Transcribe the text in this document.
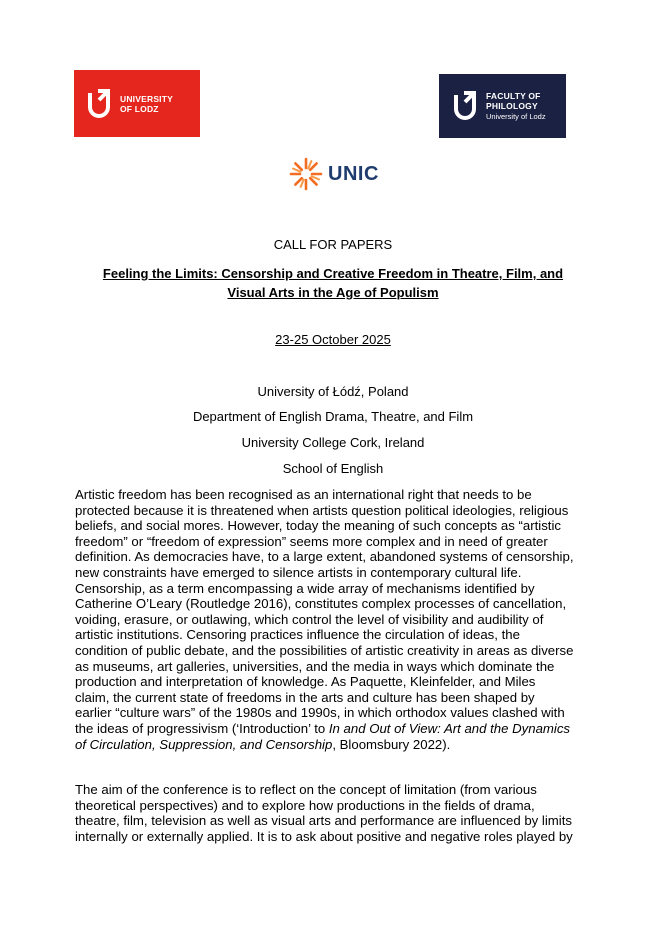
UNIVERSITY
OF LODZ
FACULTY OF
PHILOLOGY
University of Lodz
UNIC
CALL FOR PAPERS
Feeling the Limits: Censorship and Creative Freedom in Theatre, Film, and
Visual Arts in the Age of Populism
23-25 October 2025
University of Łódź, Poland
Department of English Drama, Theatre, and Film
University College Cork, Ireland
School of English

Artistic freedom has been recognised as an international right that needs to be
protected because it is threatened when artists question political ideologies, religious
beliefs, and social mores. However, today the meaning of such concepts as “artistic
freedom” or “freedom of expression” seems more complex and in need of greater
definition. As democracies have, to a large extent, abandoned systems of censorship,
new constraints have emerged to silence artists in contemporary cultural life.
Censorship, as a term encompassing a wide array of mechanisms identified by
Catherine O’Leary (Routledge 2016), constitutes complex processes of cancellation,
voiding, erasure, or outlawing, which control the level of visibility and audibility of
artistic institutions. Censoring practices influence the circulation of ideas, the
condition of public debate, and the possibilities of artistic creativity in areas as diverse
as museums, art galleries, universities, and the media in ways which dominate the
production and interpretation of knowledge. As Paquette, Kleinfelder, and Miles
claim, the current state of freedoms in the arts and culture has been shaped by
earlier “culture wars” of the 1980s and 1990s, in which orthodox values clashed with
the ideas of progressivism (‘Introduction’ to In and Out of View: Art and the Dynamics
of Circulation, Suppression, and Censorship, Bloomsbury 2022).

The aim of the conference is to reflect on the concept of limitation (from various
theoretical perspectives) and to explore how productions in the fields of drama,
theatre, film, television as well as visual arts and performance are influenced by limits
internally or externally applied. It is to ask about positive and negative roles played by
